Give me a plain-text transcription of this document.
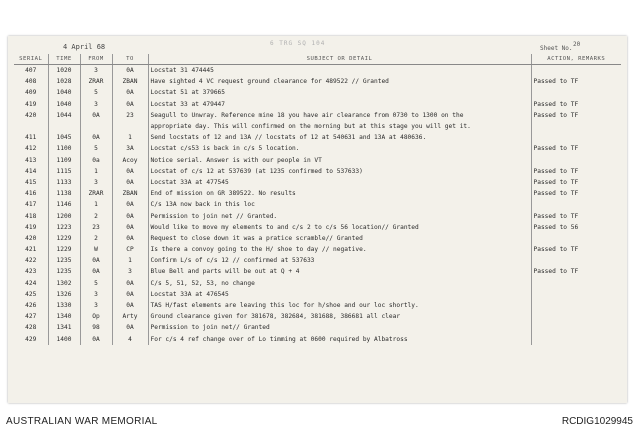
6 TRG SQ 104
4 April 68	20
Sheet No.
SERIAL	TIME	FROM	TO	SUBJECT OR DETAIL	ACTION, REMARKS
407	1020	3	0A	Locstat 31 474445	
408	1028	ZRAR	ZBAN	Have sighted 4 VC request ground clearance for 489522 // Granted	Passed to TF
409	1040	5	0A	Locstat 51 at 379665	
419	1040	3	0A	Locstat 33 at 479447	Passed to TF
420	1044	0A	23	Seagull to Unwray. Reference mine 18 you have air clearance from 0730 to 1300 on the	Passed to TF
				appropriate day. This will confirmed on the morning but at this stage you will get it.	
411	1045	0A	1	Send locstats of 12 and 13A // locstats of 12 at 540631 and 13A at 480636.	
412	1100	5	3A	Locstat c/s53 is back in c/s 5 location.	Passed to TF
413	1109	0a	Acoy	Notice serial. Answer is with our people in VT	
414	1115	1	0A	Locstat of c/s 12 at 537639 (at 1235 confirmed to 537633)	Passed to TF
415	1133	3	0A	Locstat 33A at 477545	Passed to TF
416	1138	ZRAR	ZBAN	End of mission on GR 389522. No results	Passed to TF
417	1146	1	0A	C/s 13A now back in this loc	
418	1200	2	0A	Permission to join net // Granted.	Passed to TF
419	1223	23	0A	Would like to move my elements to and c/s 2 to c/s 56 location// Granted	Passed to 56
420	1229	2	0A	Request to close down it was a pratice scramble// Granted	
421	1229	W	CP	Is there a convoy going to the H/ shoe to day // negative.	Passed to TF
422	1235	0A	1	Confirm L/s of c/s 12 // confirmed at 537633	
423	1235	0A	3	Blue Bell and parts will be out at Q + 4	Passed to TF
424	1302	5	0A	C/s 5, 51, 52, 53, no change	
425	1326	3	0A	Locstat 33A at 476545	
426	1330	3	0A	TAS H/fast elements are leaving this loc for h/shoe and our loc shortly.	
427	1340	Op	Arty	Ground clearance given for 381678, 382684, 381688, 386681 all clear	
428	1341	98	0A	Permission to join net// Granted	
429	1400	0A	4	For c/s 4 ref change over of Lo timming at 0600 required by Albatross	
AUSTRALIAN WAR MEMORIAL	RCDIG1029945
